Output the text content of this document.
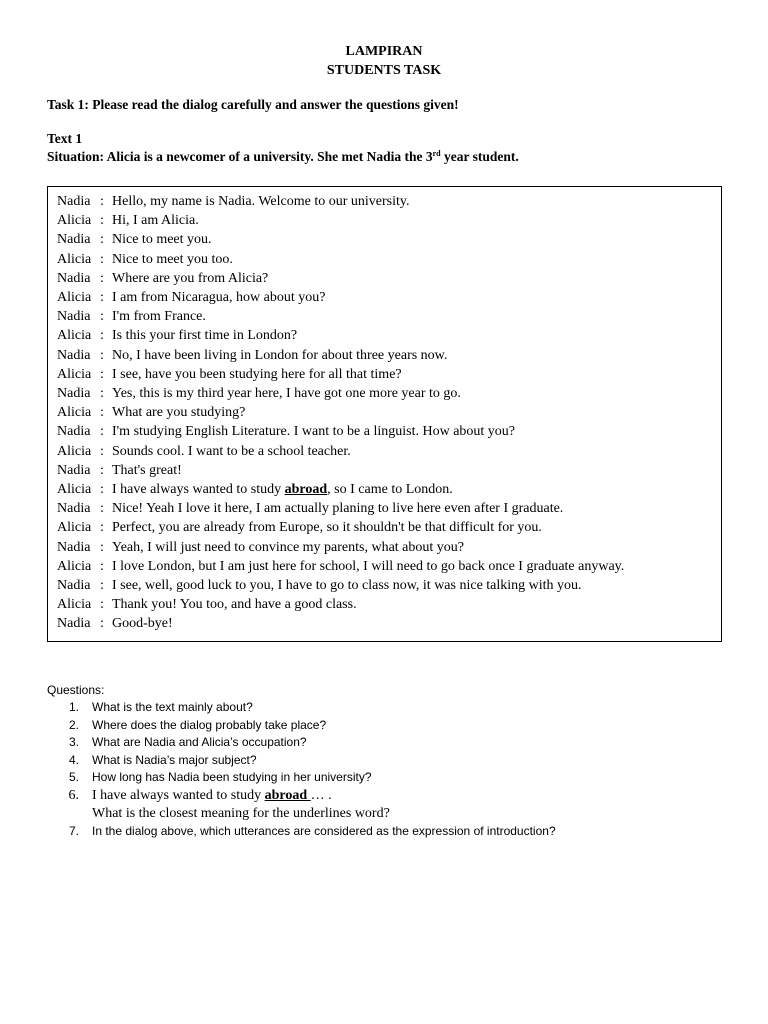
LAMPIRAN
STUDENTS TASK
Task 1: Please read the dialog carefully and answer the questions given!
Text 1
Situation: Alicia is a newcomer of a university. She met Nadia the 3rd year student.
Nadia : Hello, my name is Nadia. Welcome to our university.
Alicia : Hi, I am Alicia.
Nadia : Nice to meet you.
Alicia : Nice to meet you too.
Nadia : Where are you from Alicia?
Alicia : I am from Nicaragua, how about you?
Nadia : I'm from France.
Alicia : Is this your first time in London?
Nadia : No, I have been living in London for about three years now.
Alicia : I see, have you been studying here for all that time?
Nadia : Yes, this is my third year here, I have got one more year to go.
Alicia : What are you studying?
Nadia : I'm studying English Literature. I want to be a linguist. How about you?
Alicia : Sounds cool. I want to be a school teacher.
Nadia : That's great!
Alicia : I have always wanted to study abroad, so I came to London.
Nadia : Nice! Yeah I love it here, I am actually planing to live here even after I graduate.
Alicia : Perfect, you are already from Europe, so it shouldn't be that difficult for you.
Nadia : Yeah, I will just need to convince my parents, what about you?
Alicia : I love London, but I am just here for school, I will need to go back once I graduate anyway.
Nadia : I see, well, good luck to you, I have to go to class now, it was nice talking with you.
Alicia : Thank you! You too, and have a good class.
Nadia : Good-bye!
Questions:
1.	What is the text mainly about?
2.	Where does the dialog probably take place?
3.	What are Nadia and Alicia’s occupation?
4.	What is Nadia’s major subject?
5.	How long has Nadia been studying in her university?
6. I have always wanted to study abroad … .
What is the closest meaning for the underlines word?
7.	In the dialog above, which utterances are considered as the expression of introduction?
